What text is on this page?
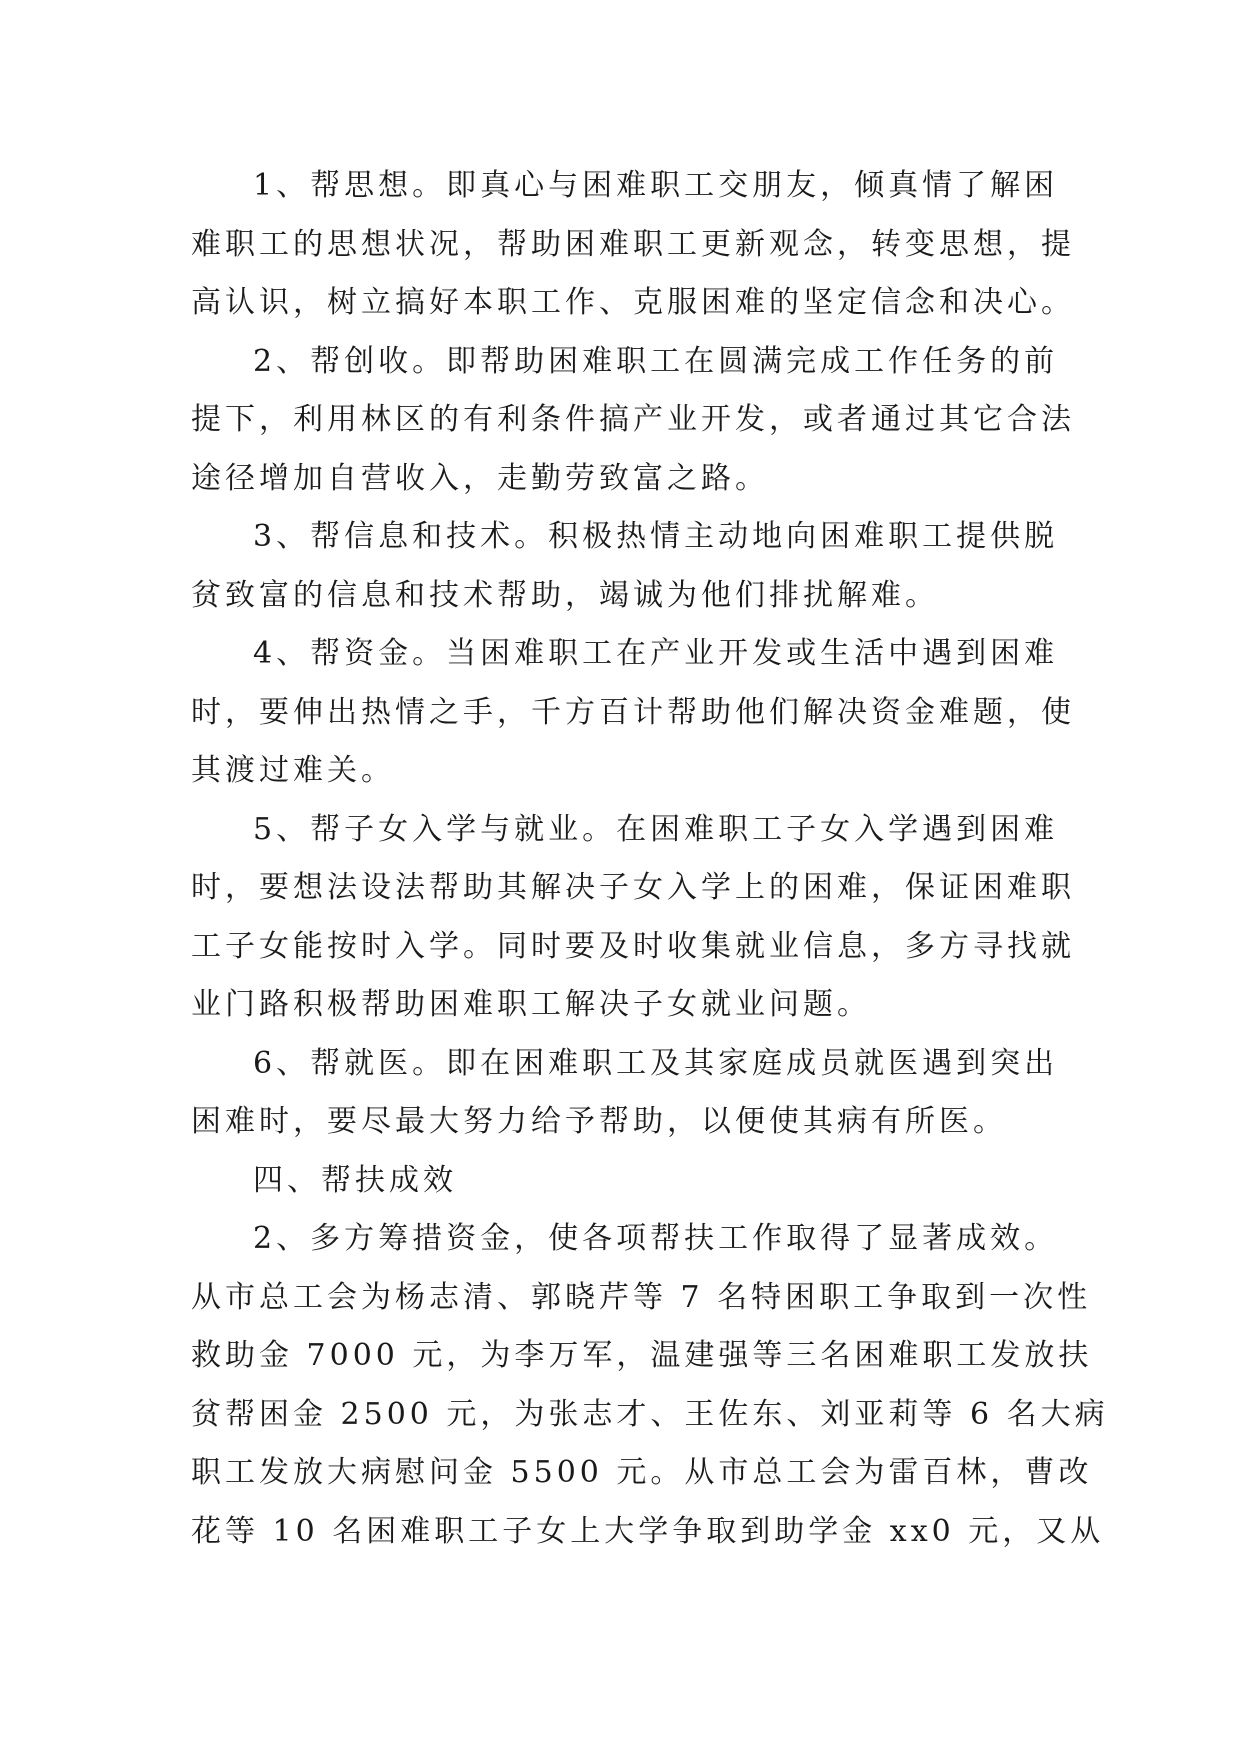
1、帮思想。即真心与困难职工交朋友，倾真情了解困
难职工的思想状况，帮助困难职工更新观念，转变思想，提
高认识，树立搞好本职工作、克服困难的坚定信念和决心。
2、帮创收。即帮助困难职工在圆满完成工作任务的前
提下，利用林区的有利条件搞产业开发，或者通过其它合法
途径增加自营收入，走勤劳致富之路。
3、帮信息和技术。积极热情主动地向困难职工提供脱
贫致富的信息和技术帮助，竭诚为他们排扰解难。
4、帮资金。当困难职工在产业开发或生活中遇到困难
时，要伸出热情之手，千方百计帮助他们解决资金难题，使
其渡过难关。
5、帮子女入学与就业。在困难职工子女入学遇到困难
时，要想法设法帮助其解决子女入学上的困难，保证困难职
工子女能按时入学。同时要及时收集就业信息，多方寻找就
业门路积极帮助困难职工解决子女就业问题。
6、帮就医。即在困难职工及其家庭成员就医遇到突出
困难时，要尽最大努力给予帮助，以便使其病有所医。
四、帮扶成效
2、多方筹措资金，使各项帮扶工作取得了显著成效。
从市总工会为杨志清、郭晓芹等 7 名特困职工争取到一次性
救助金 7000 元，为李万军，温建强等三名困难职工发放扶
贫帮困金 2500 元，为张志才、王佐东、刘亚莉等 6 名大病
职工发放大病慰问金 5500 元。从市总工会为雷百林，曹改
花等 10 名困难职工子女上大学争取到助学金 xx0 元，又从
